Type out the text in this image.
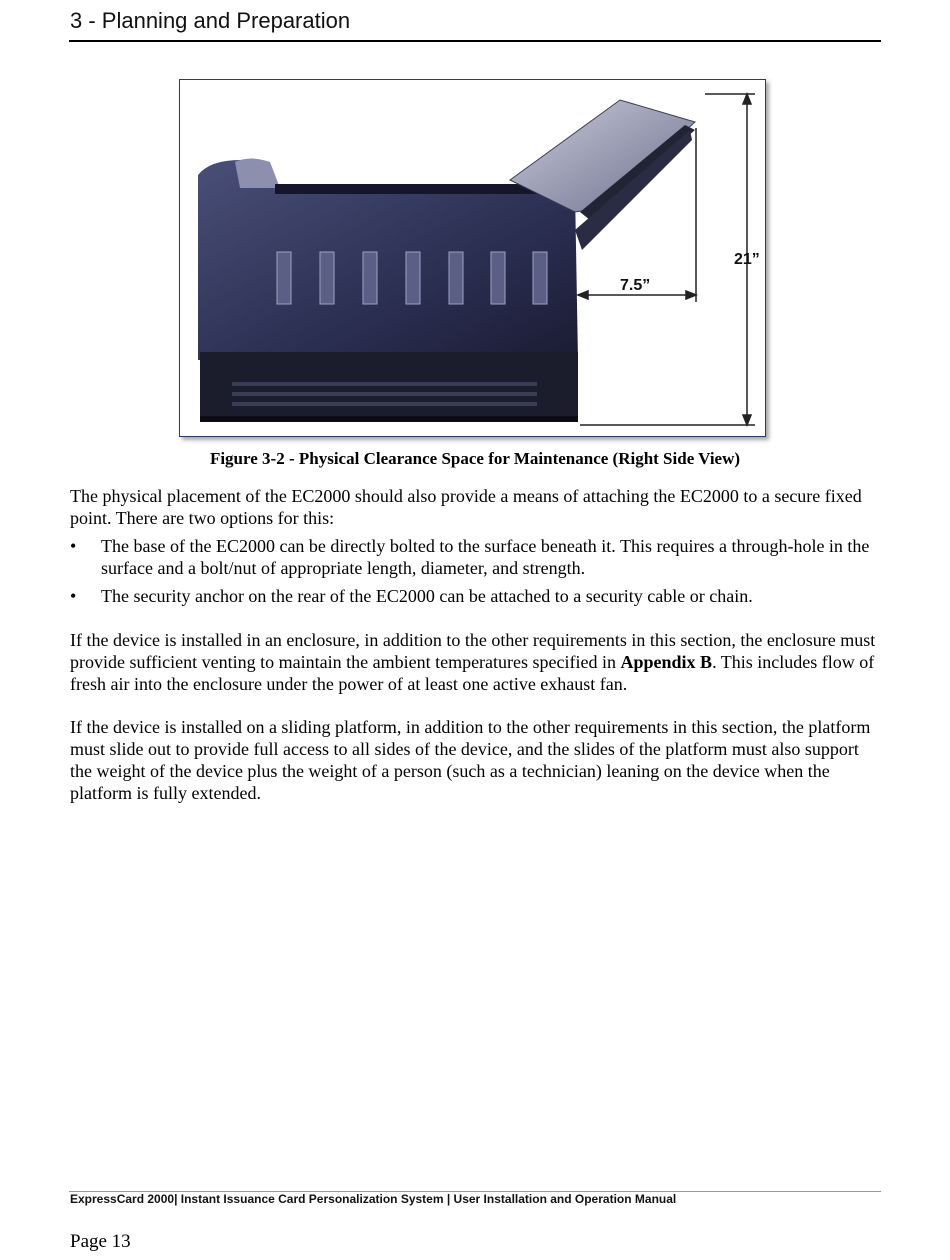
3 - Planning and Preparation
7.5”
21”
Figure 3-2 - Physical Clearance Space for Maintenance (Right Side View)
The physical placement of the EC2000 should also provide a means of attaching the EC2000 to a secure fixed point. There are two options for this:
• The base of the EC2000 can be directly bolted to the surface beneath it. This requires a through-hole in the surface and a bolt/nut of appropriate length, diameter, and strength.
• The security anchor on the rear of the EC2000 can be attached to a security cable or chain.
If the device is installed in an enclosure, in addition to the other requirements in this section, the enclosure must provide sufficient venting to maintain the ambient temperatures specified in Appendix B. This includes flow of fresh air into the enclosure under the power of at least one active exhaust fan.
If the device is installed on a sliding platform, in addition to the other requirements in this section, the platform must slide out to provide full access to all sides of the device, and the slides of the platform must also support the weight of the device plus the weight of a person (such as a technician) leaning on the device when the platform is fully extended.
ExpressCard 2000| Instant Issuance Card Personalization System | User Installation and Operation Manual
Page 13
